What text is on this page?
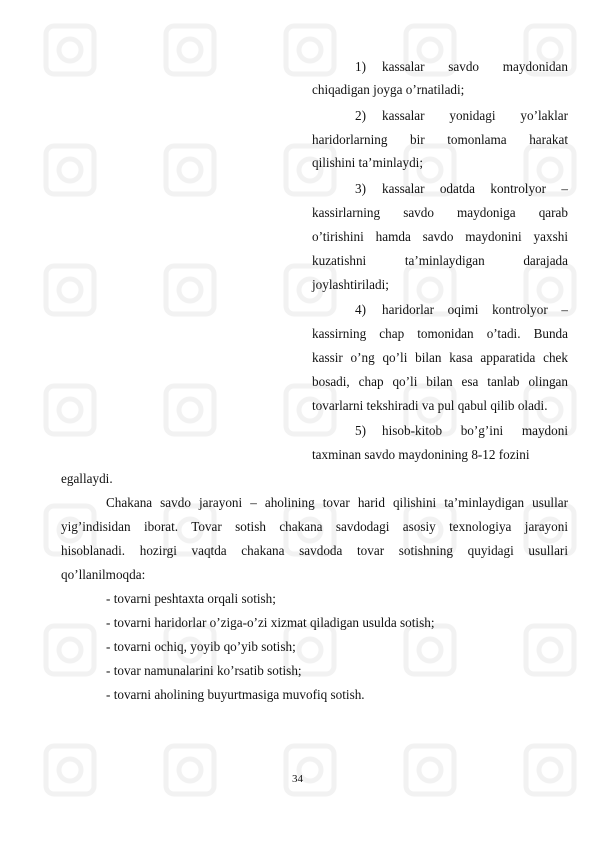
1) kassalar savdo maydonidan
chiqadigan joyga o’rnatiladi;
2) kassalar yonidagi yo’laklar
haridorlarning bir tomonlama harakat
qilishini ta’minlaydi;
3) kassalar odatda kontrolyor –
kassirlarning savdo maydoniga qarab
o’tirishini hamda savdo maydonini yaxshi
kuzatishni ta’minlaydigan darajada
joylashtiriladi;
4) haridorlar oqimi kontrolyor –
kassirning chap tomonidan o’tadi. Bunda
kassir o’ng qo’li bilan kasa apparatida chek
bosadi, chap qo’li bilan esa tanlab olingan
tovarlarni tekshiradi va pul qabul qilib oladi.
5) hisob-kitob bo’g’ini maydoni
taxminan savdo maydonining 8-12 fozini
egallaydi.
Chakana savdo jarayoni – aholining tovar harid qilishini ta’minlaydigan usullar
yig’indisidan iborat. Tovar sotish chakana savdodagi asosiy texnologiya jarayoni
hisoblanadi. hozirgi vaqtda chakana savdoda tovar sotishning quyidagi usullari
qo’llanilmoqda:
- tovarni peshtaxta orqali sotish;
- tovarni haridorlar o’ziga-o’zi xizmat qiladigan usulda sotish;
- tovarni ochiq, yoyib qo’yib sotish;
- tovar namunalarini ko’rsatib sotish;
- tovarni aholining buyurtmasiga muvofiq sotish.
34
